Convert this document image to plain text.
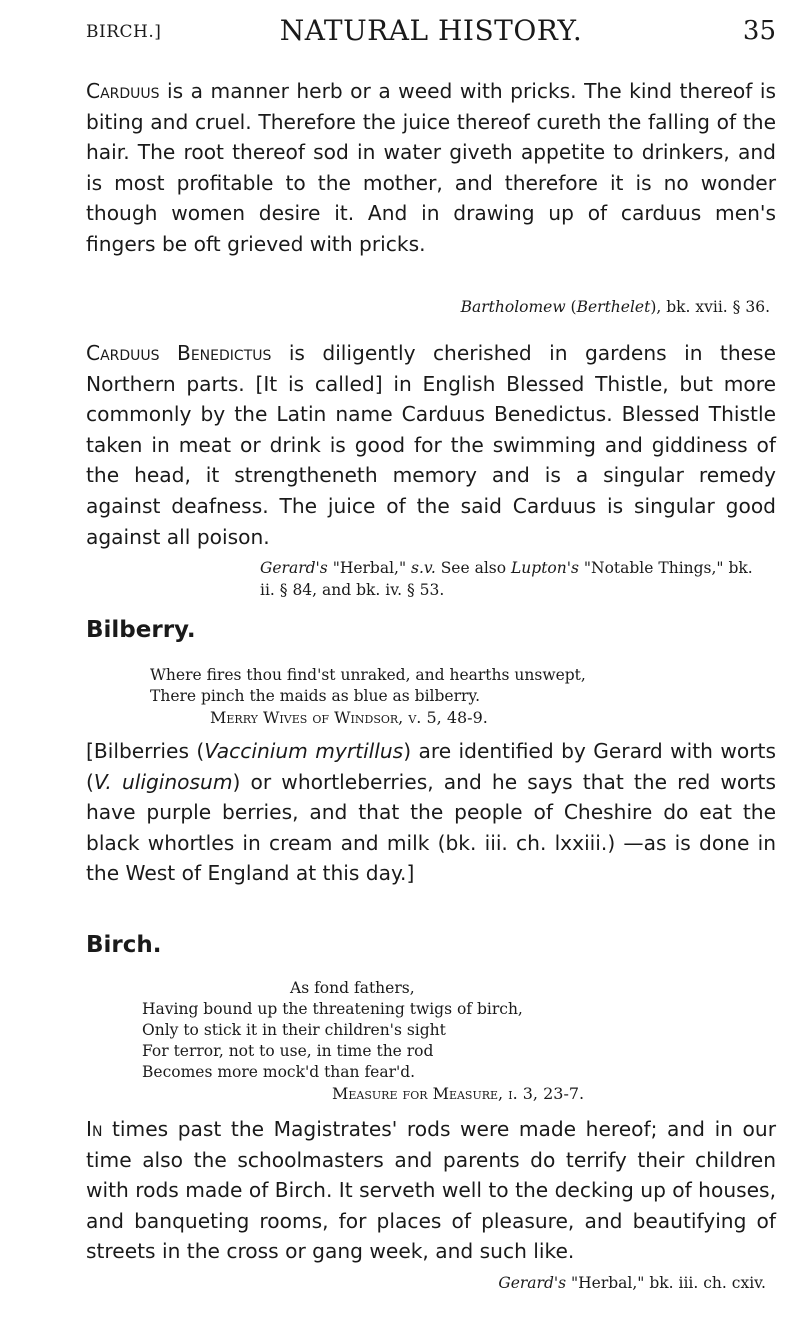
BIRCH.]	NATURAL HISTORY.	35

Carduus is a manner herb or a weed with pricks. The kind thereof is biting and cruel. Therefore the juice thereof cureth the falling of the hair. The root thereof sod in water giveth appetite to drinkers, and is most profitable to the mother, and therefore it is no wonder though women desire it. And in drawing up of carduus men's fingers be oft grieved with pricks.

Bartholomew (Berthelet), bk. xvii. § 36.

Carduus Benedictus is diligently cherished in gardens in these Northern parts. [It is called] in English Blessed Thistle, but more commonly by the Latin name Carduus Benedictus. Blessed Thistle taken in meat or drink is good for the swimming and giddiness of the head, it strengtheneth memory and is a singular remedy against deafness. The juice of the said Carduus is singular good against all poison.

Gerard's "Herbal," s.v. See also Lupton's "Notable Things," bk. ii. § 84, and bk. iv. § 53.

Bilberry.
Where fires thou find'st unraked, and hearths unswept,
There pinch the maids as blue as bilberry.
Merry Wives of Windsor, v. 5, 48-9.

[Bilberries (Vaccinium myrtillus) are identified by Gerard with worts (V. uliginosum) or whortleberries, and he says that the red worts have purple berries, and that the people of Cheshire do eat the black whortles in cream and milk (bk. iii. ch. lxxiii.) —as is done in the West of England at this day.]

Birch.
As fond fathers,
Having bound up the threatening twigs of birch,
Only to stick it in their children's sight
For terror, not to use, in time the rod
Becomes more mock'd than fear'd.
Measure for Measure, i. 3, 23-7.

In times past the Magistrates' rods were made hereof; and in our time also the schoolmasters and parents do terrify their children with rods made of Birch. It serveth well to the decking up of houses, and banqueting rooms, for places of pleasure, and beautifying of streets in the cross or gang week, and such like.

Gerard's "Herbal," bk. iii. ch. cxiv.
